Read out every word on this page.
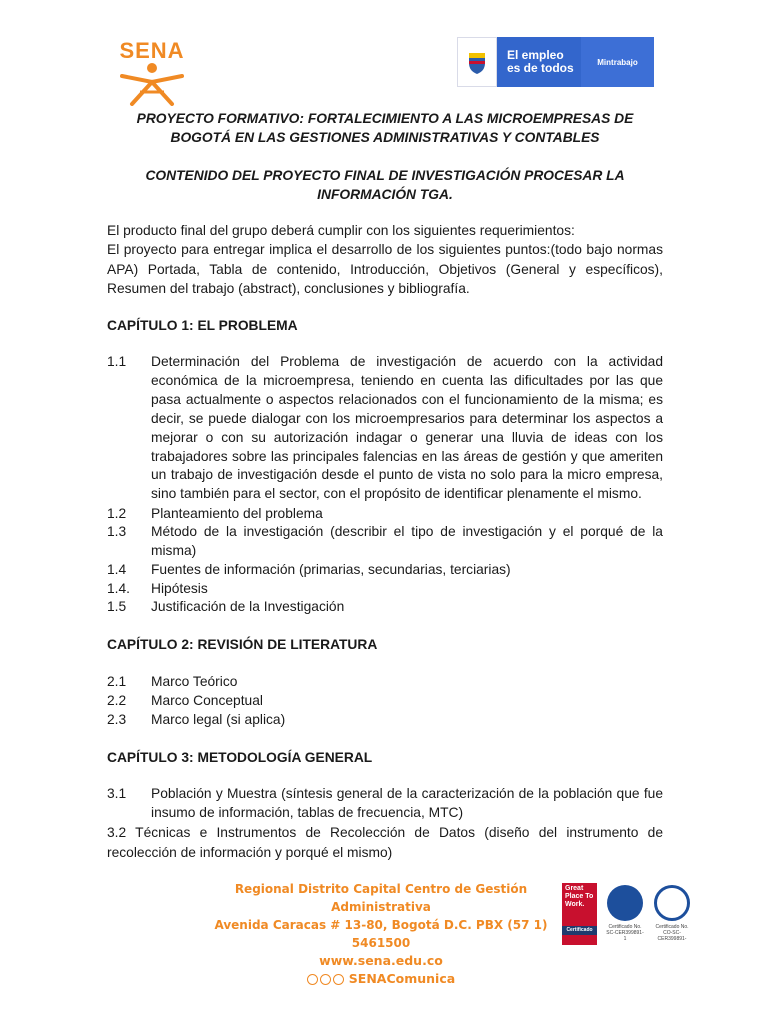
SENA	El empleo
es de todos	Mintrabajo
PROYECTO FORMATIVO: FORTALECIMIENTO A LAS MICROEMPRESAS DE
BOGOTÁ EN LAS GESTIONES ADMINISTRATIVAS Y CONTABLES
CONTENIDO DEL PROYECTO FINAL DE INVESTIGACIÓN PROCESAR LA
INFORMACIÓN TGA.
El producto final del grupo deberá cumplir con los siguientes requerimientos:
El proyecto para entregar implica el desarrollo de los siguientes puntos:(todo bajo normas APA) Portada, Tabla de contenido, Introducción, Objetivos (General y específicos), Resumen del trabajo (abstract), conclusiones y bibliografía.
CAPÍTULO 1: EL PROBLEMA
1.1	Determinación del Problema de investigación de acuerdo con la actividad económica de la microempresa, teniendo en cuenta las dificultades por las que pasa actualmente o aspectos relacionados con el funcionamiento de la misma; es decir, se puede dialogar con los microempresarios para determinar los aspectos a mejorar o con su autorización indagar o generar una lluvia de ideas con los trabajadores sobre las principales falencias en las áreas de gestión y que ameriten un trabajo de investigación desde el punto de vista no solo para la micro empresa, sino también para el sector, con el propósito de identificar plenamente el mismo.
1.2	Planteamiento del problema
1.3	Método de la investigación (describir el tipo de investigación y el porqué de la misma)
1.4	Fuentes de información (primarias, secundarias, terciarias)
1.4.	Hipótesis
1.5	Justificación de la Investigación
CAPÍTULO 2: REVISIÓN DE LITERATURA
2.1	Marco Teórico
2.2	Marco Conceptual
2.3	Marco legal (si aplica)
CAPÍTULO 3: METODOLOGÍA GENERAL
3.1	Población y Muestra (síntesis general de la caracterización de la población que fue insumo de información, tablas de frecuencia, MTC)
3.2 Técnicas e Instrumentos de Recolección de Datos (diseño del instrumento de recolección de información y porqué el mismo)
Regional Distrito Capital Centro de Gestión Administrativa
Avenida Caracas # 13-80, Bogotá D.C. PBX (57 1) 5461500
www.sena.edu.co
SENAComunica
Great Place To Work.
Certificado	Certificado No. SC-CER399891-1
Certificado No. CO-SC-CER399891-
